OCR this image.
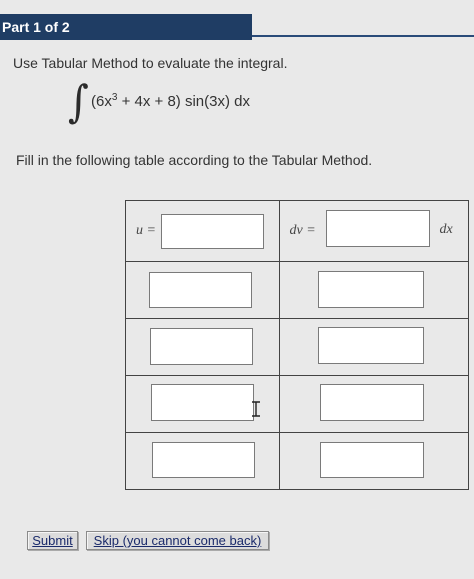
Part 1 of 2
Use Tabular Method to evaluate the integral.
∫ $(6x^3 + 4x + 8)$ sin(3x) dx
Fill in the following table according to the Tabular Method.
u =	dv = dx

Submit	Skip (you cannot come back)
